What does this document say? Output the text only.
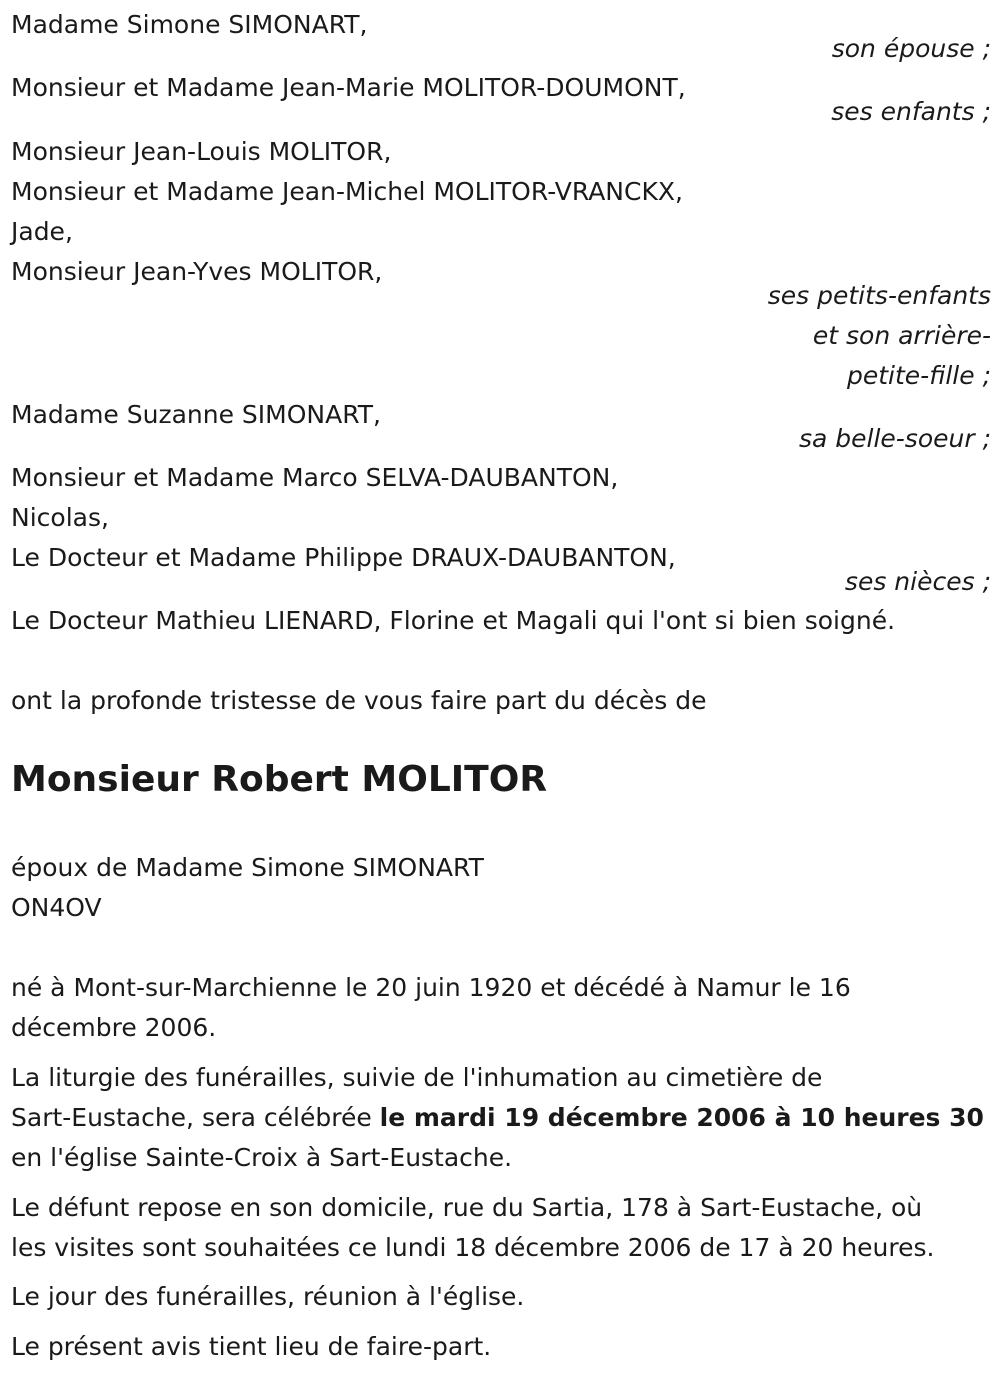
Madame Simone SIMONART,
son épouse ;
Monsieur et Madame Jean-Marie MOLITOR-DOUMONT,
ses enfants ;
Monsieur Jean-Louis MOLITOR,
Monsieur et Madame Jean-Michel MOLITOR-VRANCKX,
Jade,
Monsieur Jean-Yves MOLITOR,
ses petits-enfants
et son arrière-
petite-fille ;
Madame Suzanne SIMONART,
sa belle-soeur ;
Monsieur et Madame Marco SELVA-DAUBANTON,
Nicolas,
Le Docteur et Madame Philippe DRAUX-DAUBANTON,
ses nièces ;
Le Docteur Mathieu LIENARD, Florine et Magali qui l'ont si bien soigné.
ont la profonde tristesse de vous faire part du décès de
Monsieur Robert MOLITOR
époux de Madame Simone SIMONART
ON4OV
né à Mont-sur-Marchienne le 20 juin 1920 et décédé à Namur le 16
décembre 2006.
La liturgie des funérailles, suivie de l'inhumation au cimetière de
Sart-Eustache, sera célébrée le mardi 19 décembre 2006 à 10 heures 30
en l'église Sainte-Croix à Sart-Eustache.
Le défunt repose en son domicile, rue du Sartia, 178 à Sart-Eustache, où
les visites sont souhaitées ce lundi 18 décembre 2006 de 17 à 20 heures.
Le jour des funérailles, réunion à l'église.
Le présent avis tient lieu de faire-part.
